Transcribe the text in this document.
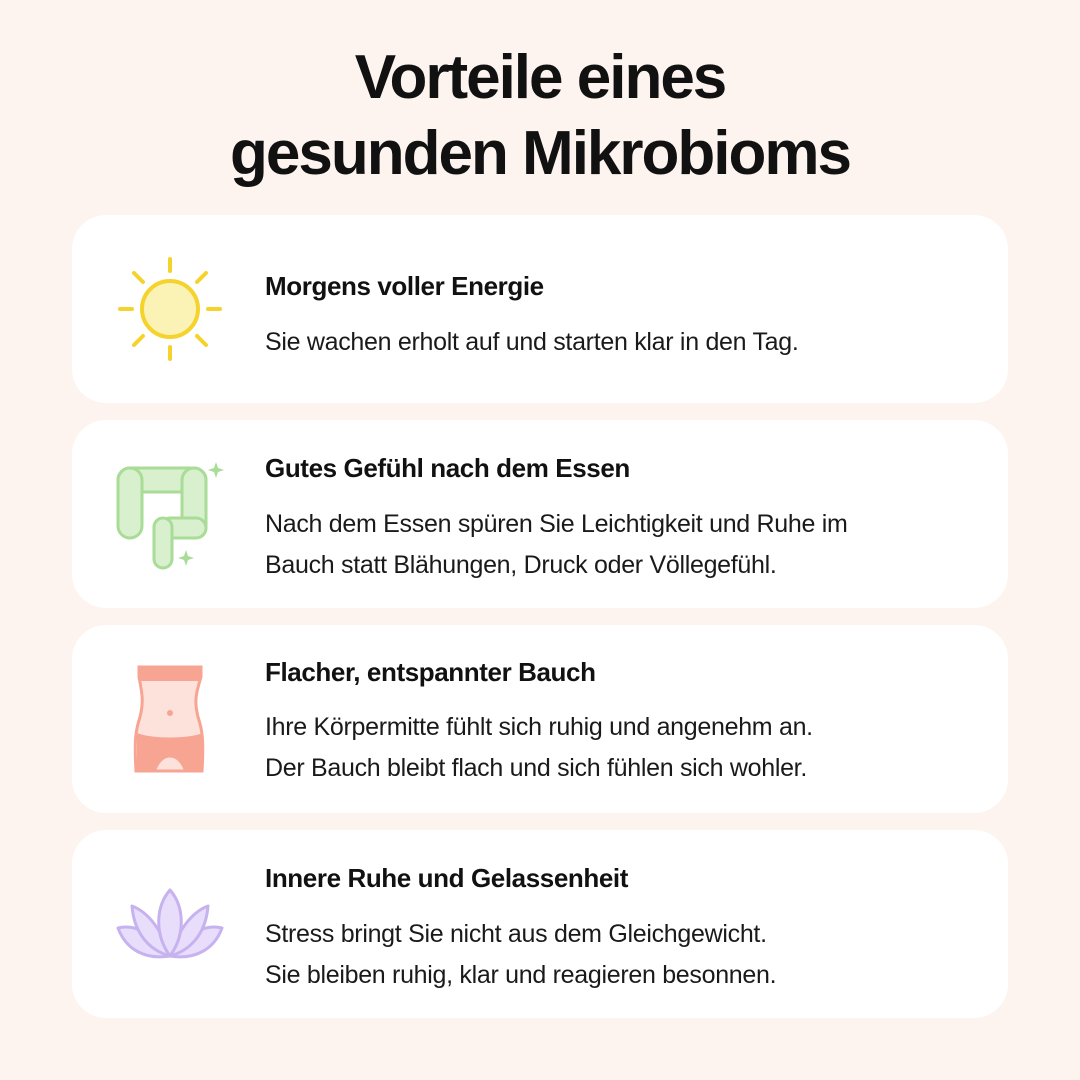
Vorteile eines
gesunden Mikrobioms
Morgens voller Energie
Sie wachen erholt auf und starten klar in den Tag.
Gutes Gefühl nach dem Essen
Nach dem Essen spüren Sie Leichtigkeit und Ruhe im
Bauch statt Blähungen, Druck oder Völlegefühl.
Flacher, entspannter Bauch
Ihre Körpermitte fühlt sich ruhig und angenehm an.
Der Bauch bleibt flach und sich fühlen sich wohler.
Innere Ruhe und Gelassenheit
Stress bringt Sie nicht aus dem Gleichgewicht.
Sie bleiben ruhig, klar und reagieren besonnen.
